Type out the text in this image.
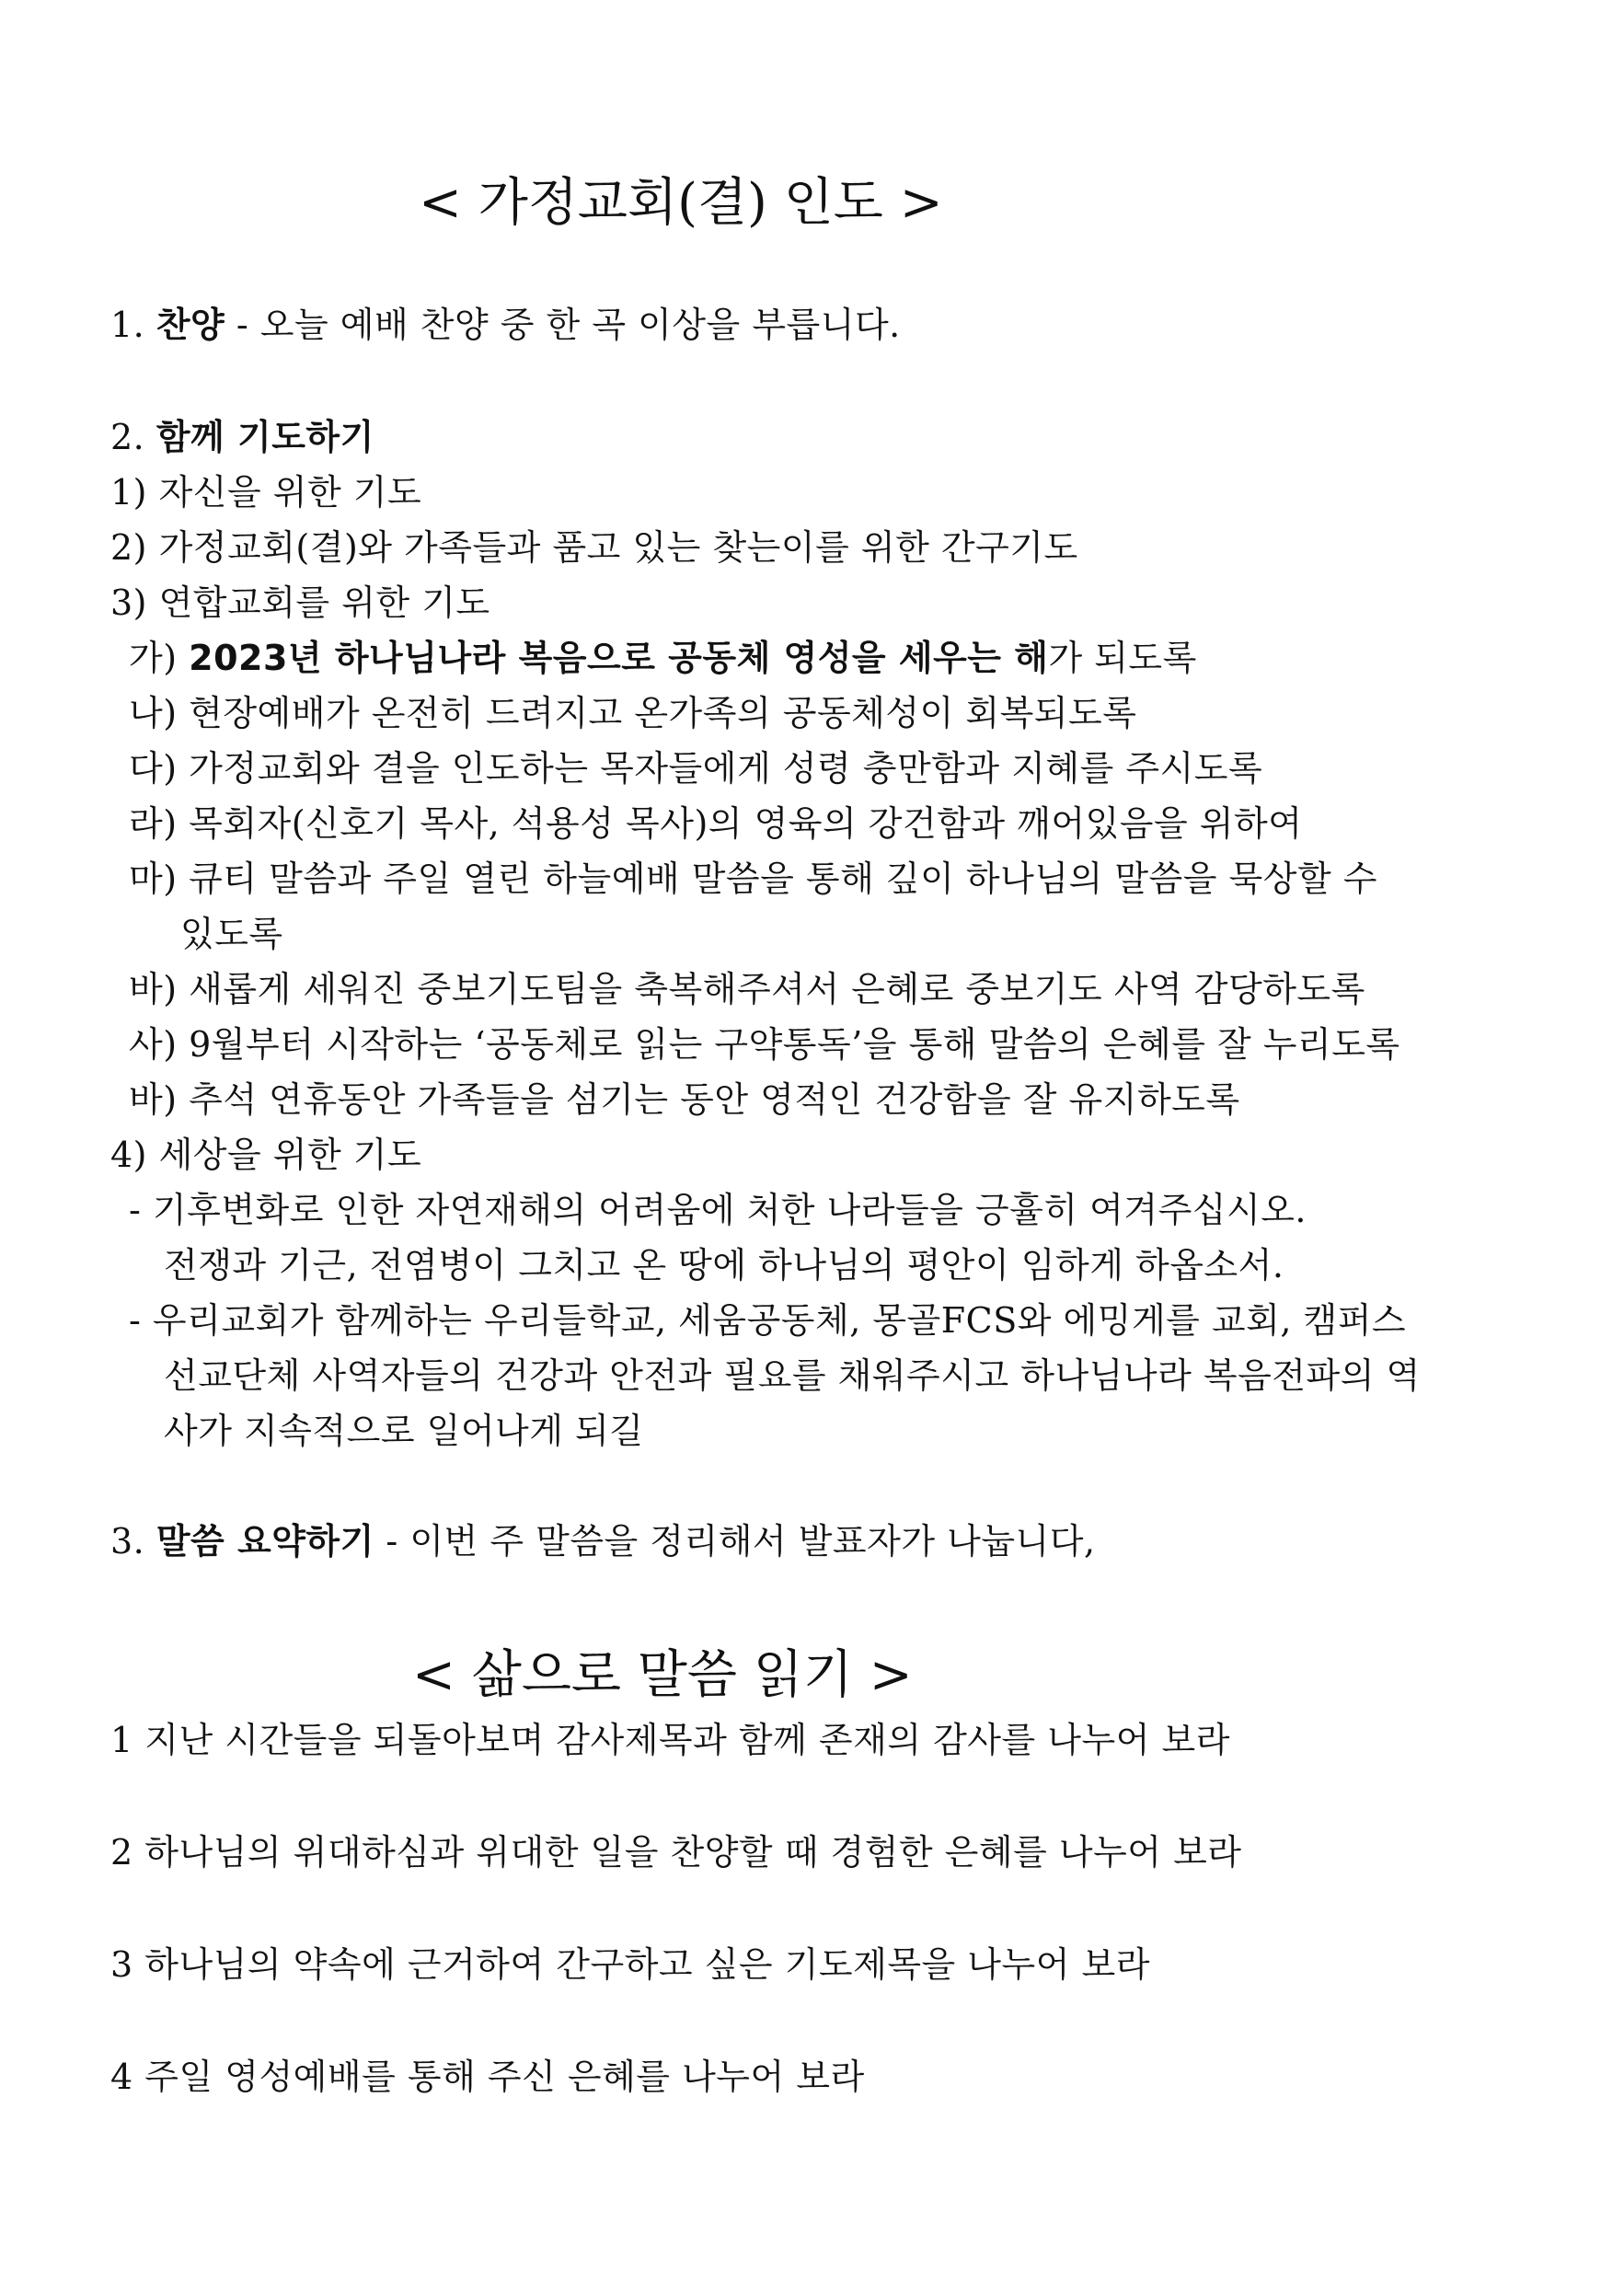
< 가정교회(결) 인도 >
1. 찬양 - 오늘 예배 찬양 중 한 곡 이상을 부릅니다.
2. 함께 기도하기
1) 자신을 위한 기도
2) 가정교회(결)와 가족들과 품고 있는 찾는이를 위한 간구기도
3) 연합교회를 위한 기도
가) 2023년 하나님나라 복음으로 공동체 영성을 세우는 해가 되도록
나) 현장예배가 온전히 드려지고 온가족의 공동체성이 회복되도록
다) 가정교회와 결을 인도하는 목자들에게 성령 충만함과 지혜를 주시도록
라) 목회자(신호기 목사, 석용성 목사)의 영육의 강건함과 깨어있음을 위하여
마) 큐티 말씀과 주일 열린 하늘예배 말씀을 통해 깊이 하나님의 말씀을 묵상할 수
있도록
바) 새롭게 세워진 중보기도팀을 축복해주셔서 은혜로 중보기도 사역 감당하도록
사) 9월부터 시작하는 ‘공동체로 읽는 구약통독’을 통해 말씀의 은혜를 잘 누리도록
바) 추석 연휴동안 가족들을 섬기는 동안 영적인 건강함을 잘 유지하도록
4) 세상을 위한 기도
- 기후변화로 인한 자연재해의 어려움에 처한 나라들을 긍휼히 여겨주십시오.
전쟁과 기근, 전염병이 그치고 온 땅에 하나님의 평안이 임하게 하옵소서.
- 우리교회가 함께하는 우리들학교, 세움공동체, 몽골FCS와 에밍게를 교회, 캠퍼스
선교단체 사역자들의 건강과 안전과 필요를 채워주시고 하나님나라 복음전파의 역
사가 지속적으로 일어나게 되길
3. 말씀 요약하기 - 이번 주 말씀을 정리해서 발표자가 나눕니다,
< 삶으로 말씀 읽기 >
1 지난 시간들을 되돌아보며 감사제목과 함께 존재의 감사를 나누어 보라
2 하나님의 위대하심과 위대한 일을 찬양할 때 경험한 은혜를 나누어 보라
3 하나님의 약속에 근거하여 간구하고 싶은 기도제목을 나누어 보라
4 주일 영성예배를 통해 주신 은혜를 나누어 보라
